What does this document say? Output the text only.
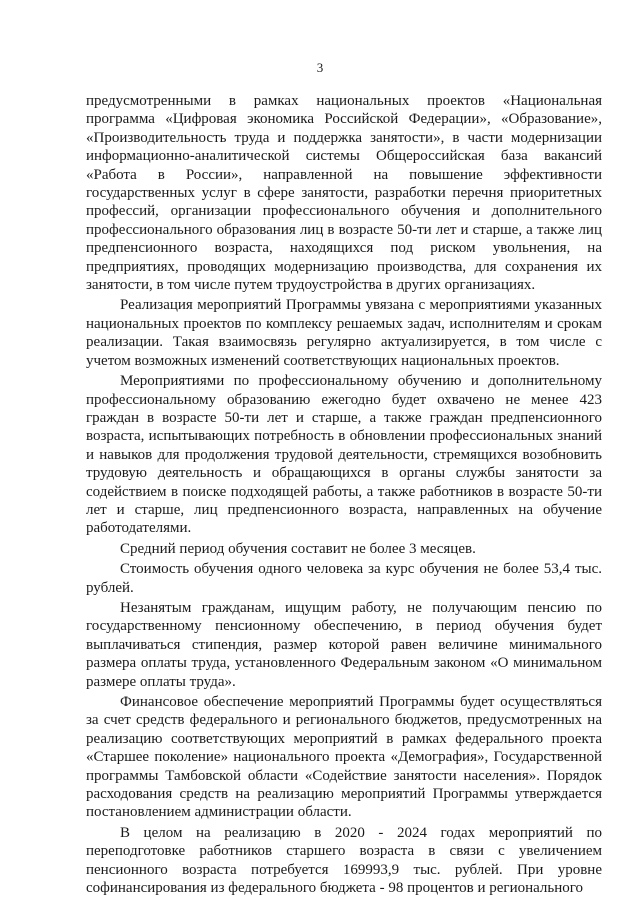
3

предусмотренными в рамках национальных проектов «Национальная программа «Цифровая экономика Российской Федерации», «Образование», «Производительность труда и поддержка занятости», в части модернизации информационно-аналитической системы Общероссийская база вакансий «Работа в России», направленной на повышение эффективности государственных услуг в сфере занятости, разработки перечня приоритетных профессий, организации профессионального обучения и дополнительного профессионального образования лиц в возрасте 50-ти лет и старше, а также лиц предпенсионного возраста, находящихся под риском увольнения, на предприятиях, проводящих модернизацию производства, для сохранения их занятости, в том числе путем трудоустройства в других организациях.

Реализация мероприятий Программы увязана с мероприятиями указанных национальных проектов по комплексу решаемых задач, исполнителям и срокам реализации. Такая взаимосвязь регулярно актуализируется, в том числе с учетом возможных изменений соответствующих национальных проектов.

Мероприятиями по профессиональному обучению и дополнительному профессиональному образованию ежегодно будет охвачено не менее 423 граждан в возрасте 50-ти лет и старше, а также граждан предпенсионного возраста, испытывающих потребность в обновлении профессиональных знаний и навыков для продолжения трудовой деятельности, стремящихся возобновить трудовую деятельность и обращающихся в органы службы занятости за содействием в поиске подходящей работы, а также работников в возрасте 50-ти лет и старше, лиц предпенсионного возраста, направленных на обучение работодателями.

Средний период обучения составит не более 3 месяцев.

Стоимость обучения одного человека за курс обучения не более 53,4 тыс. рублей.

Незанятым гражданам, ищущим работу, не получающим пенсию по государственному пенсионному обеспечению, в период обучения будет выплачиваться стипендия, размер которой равен величине минимального размера оплаты труда, установленного Федеральным законом «О минимальном размере оплаты труда».

Финансовое обеспечение мероприятий Программы будет осуществляться за счет средств федерального и регионального бюджетов, предусмотренных на реализацию соответствующих мероприятий в рамках федерального проекта «Старшее поколение» национального проекта «Демография», Государственной программы Тамбовской области «Содействие занятости населения». Порядок расходования средств на реализацию мероприятий Программы утверждается постановлением администрации области.

В целом на реализацию в 2020 - 2024 годах мероприятий по переподготовке работников старшего возраста в связи с увеличением пенсионного возраста потребуется 169993,9 тыс. рублей. При уровне софинансирования из федерального бюджета - 98 процентов и регионального
